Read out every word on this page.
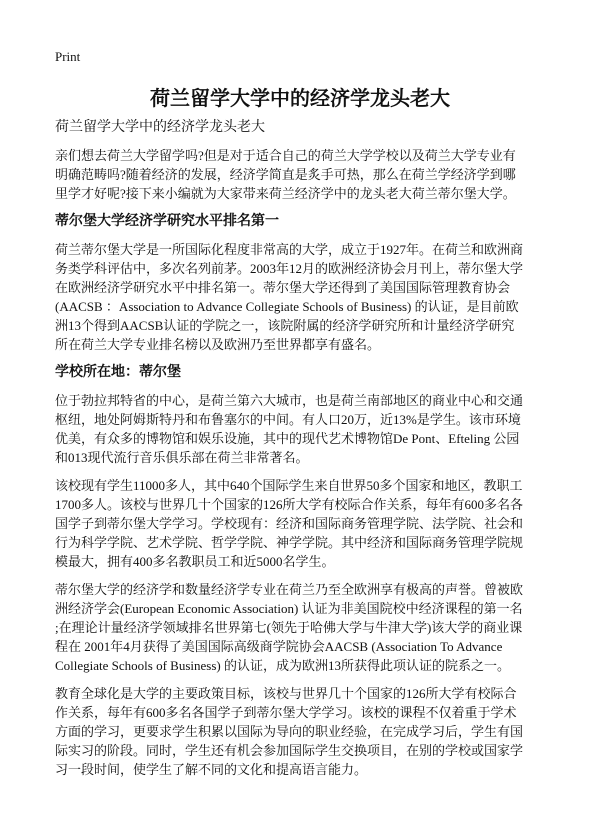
Print
荷兰留学大学中的经济学龙头老大
荷兰留学大学中的经济学龙头老大
亲们想去荷兰大学留学吗?但是对于适合自己的荷兰大学学校以及荷兰大学专业有
明确范畴吗?随着经济的发展，经济学简直是炙手可热，那么在荷兰学经济学到哪
里学才好呢?接下来小编就为大家带来荷兰经济学中的龙头老大荷兰蒂尔堡大学。
蒂尔堡大学经济学研究水平排名第一
荷兰蒂尔堡大学是一所国际化程度非常高的大学，成立于1927年。在荷兰和欧洲商
务类学科评估中，多次名列前茅。2003年12月的欧洲经济协会月刊上，蒂尔堡大学
在欧洲经济学研究水平中排名第一。蒂尔堡大学还得到了美国国际管理教育协会
(AACSB ：Association to Advance Collegiate Schools of Business) 的认证，是目前欧
洲13个得到AACSB认证的学院之一，该院附属的经济学研究所和计量经济学研究
所在荷兰大学专业排名榜以及欧洲乃至世界都享有盛名。
学校所在地：蒂尔堡
位于勃拉邦特省的中心，是荷兰第六大城市，也是荷兰南部地区的商业中心和交通
枢纽，地处阿姆斯特丹和布鲁塞尔的中间。有人口20万，近13%是学生。该市环境
优美，有众多的博物馆和娱乐设施，其中的现代艺术博物馆De Pont、Efteling 公园
和013现代流行音乐俱乐部在荷兰非常著名。
该校现有学生11000多人，其中640个国际学生来自世界50多个国家和地区，教职工
1700多人。该校与世界几十个国家的126所大学有校际合作关系，每年有600多名各
国学子到蒂尔堡大学学习。学校现有：经济和国际商务管理学院、法学院、社会和
行为科学学院、艺术学院、哲学学院、神学学院。其中经济和国际商务管理学院规
模最大，拥有400多名教职员工和近5000名学生。
蒂尔堡大学的经济学和数量经济学专业在荷兰乃至全欧洲享有极高的声誉。曾被欧
洲经济学会(European Economic Association) 认证为非美国院校中经济课程的第一名
;在理论计量经济学领域排名世界第七(领先于哈佛大学与牛津大学)该大学的商业课
程在 2001年4月获得了美国国际高级商学院协会AACSB (Association To Advance
Collegiate Schools of Business) 的认证，成为欧洲13所获得此项认证的院系之一。
教育全球化是大学的主要政策目标，该校与世界几十个国家的126所大学有校际合
作关系，每年有600多名各国学子到蒂尔堡大学学习。该校的课程不仅着重于学术
方面的学习，更要求学生积累以国际为导向的职业经验，在完成学习后，学生有国
际实习的阶段。同时，学生还有机会参加国际学生交换项目，在别的学校或国家学
习一段时间，使学生了解不同的文化和提高语言能力。
